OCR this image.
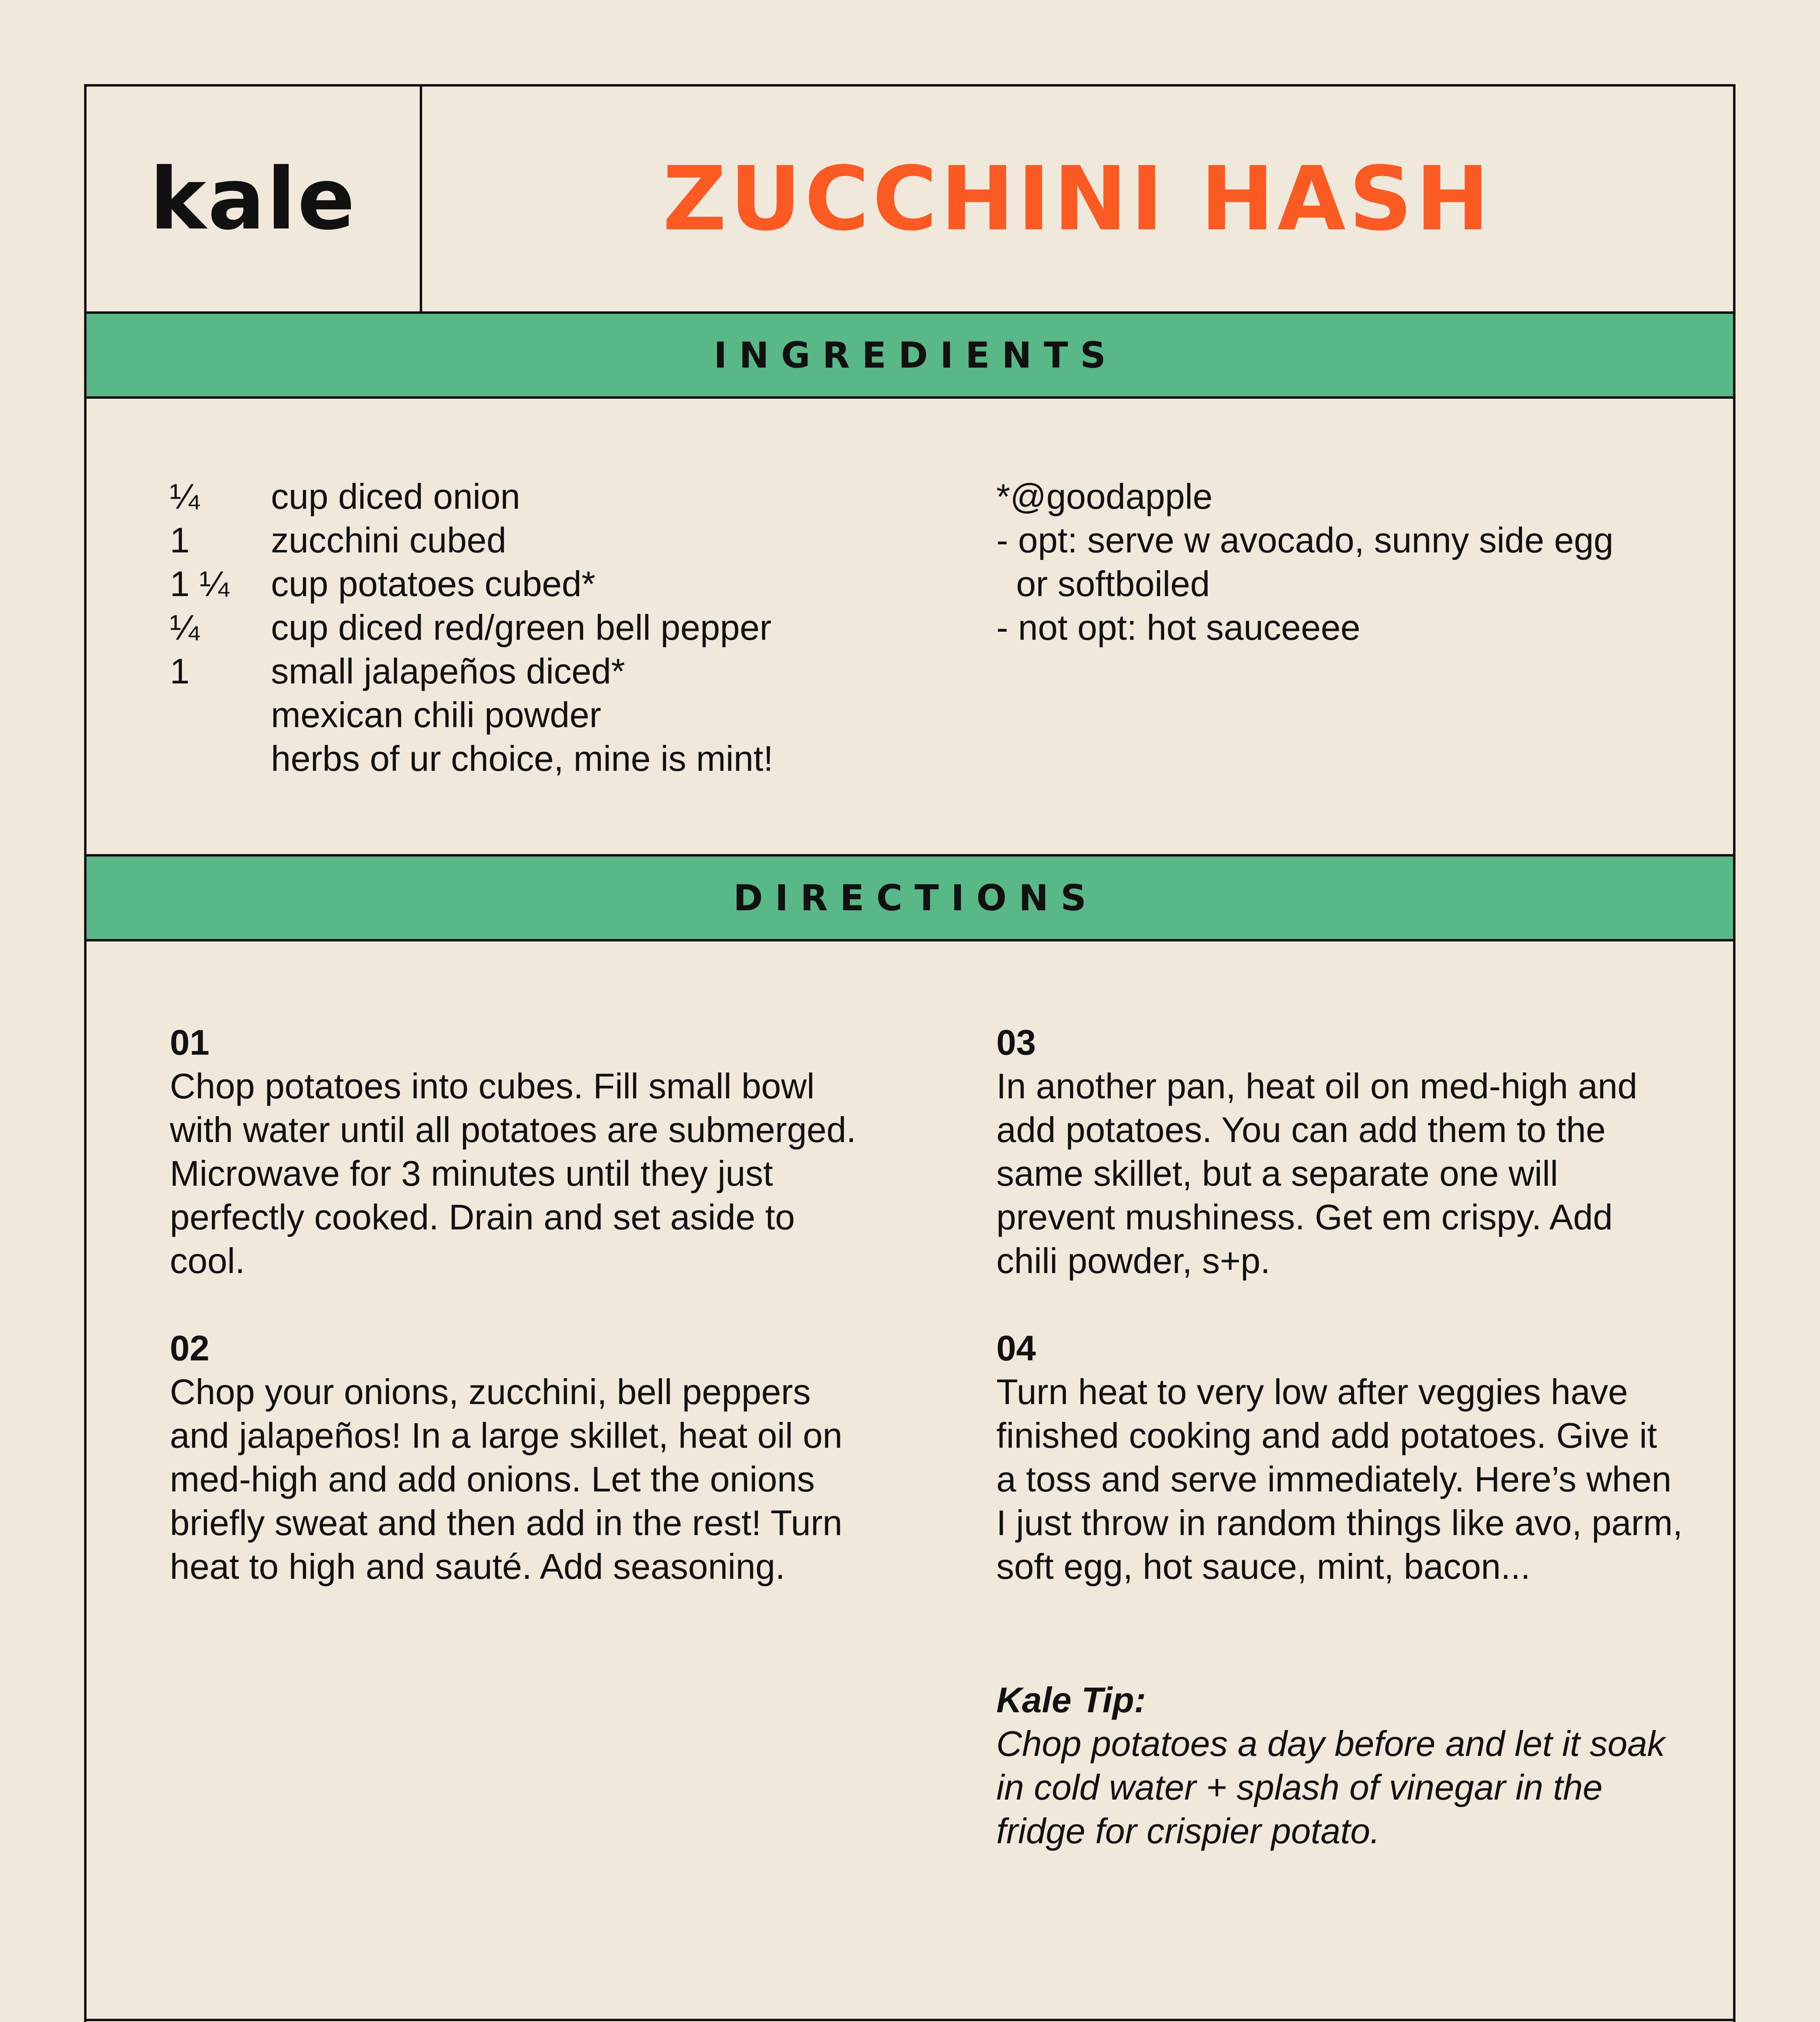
kale	ZUCCHINI HASH
INGREDIENTS
¼ cup diced onion
1 zucchini cubed
1 ¼ cup potatoes cubed*
¼ cup diced red/green bell pepper
1 small jalapeños diced*
mexican chili powder
herbs of ur choice, mine is mint!
*@goodapple
- opt: serve w avocado, sunny side egg
or softboiled
- not opt: hot sauceeee
DIRECTIONS
01
Chop potatoes into cubes. Fill small bowl with water until all potatoes are submerged. Microwave for 3 minutes until they just perfectly cooked. Drain and set aside to cool.
02
Chop your onions, zucchini, bell peppers and jalapeños! In a large skillet, heat oil on med-high and add onions. Let the onions briefly sweat and then add in the rest! Turn heat to high and sauté. Add seasoning.
03
In another pan, heat oil on med-high and add potatoes. You can add them to the same skillet, but a separate one will prevent mushiness. Get em crispy. Add chili powder, s+p.
04
Turn heat to very low after veggies have finished cooking and add potatoes. Give it a toss and serve immediately. Here’s when I just throw in random things like avo, parm, soft egg, hot sauce, mint, bacon...
Kale Tip:
Chop potatoes a day before and let it soak in cold water + splash of vinegar in the fridge for crispier potato.
